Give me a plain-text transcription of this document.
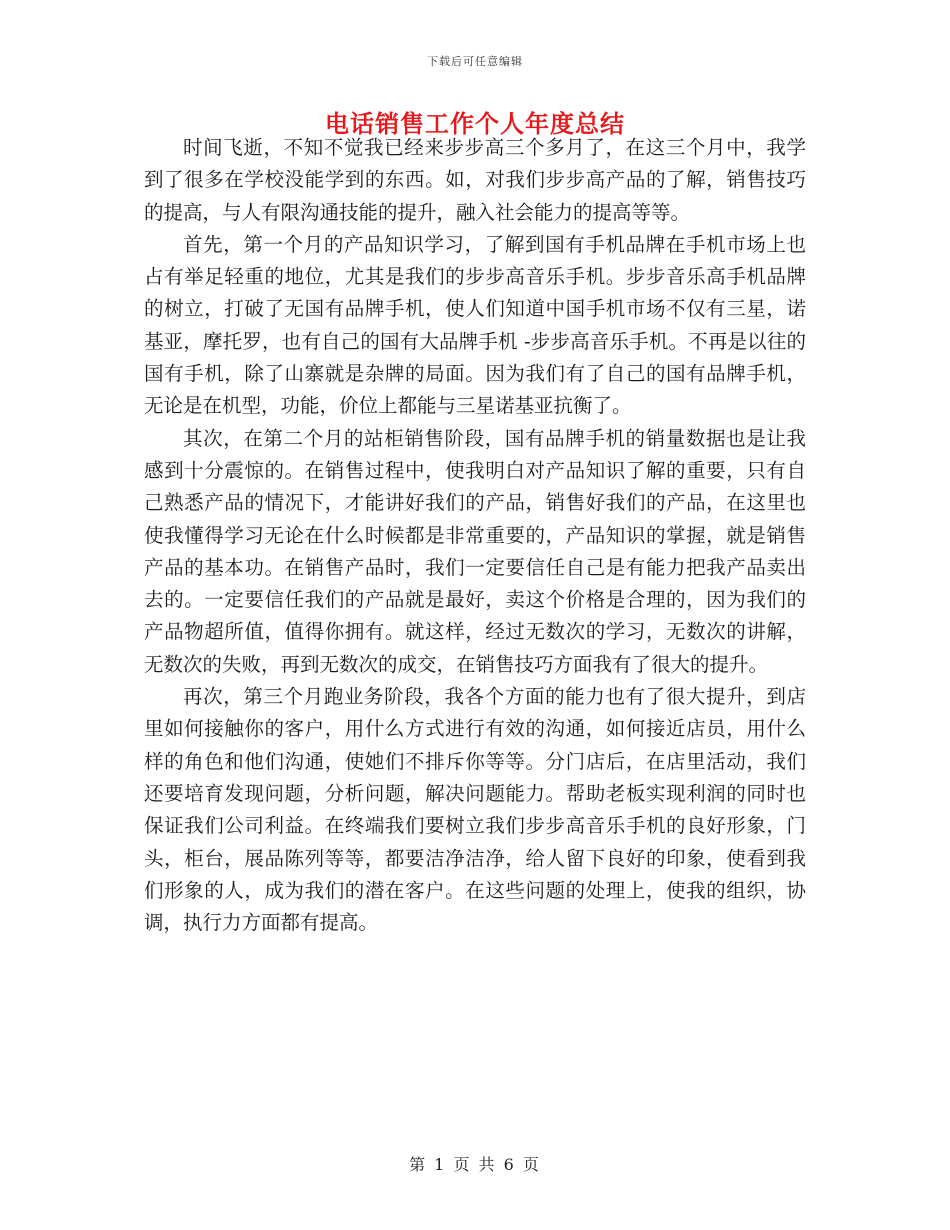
下载后可任意编辑
电话销售工作个人年度总结

时间飞逝，不知不觉我已经来步步高三个多月了，在这三个月中，我学到了很多在学校没能学到的东西。如，对我们步步高产品的了解，销售技巧的提高，与人有限沟通技能的提升，融入社会能力的提高等等。

首先，第一个月的产品知识学习，了解到国有手机品牌在手机市场上也占有举足轻重的地位，尤其是我们的步步高音乐手机。步步音乐高手机品牌的树立，打破了无国有品牌手机，使人们知道中国手机市场不仅有三星，诺基亚，摩托罗，也有自己的国有大品牌手机 -步步高音乐手机。不再是以往的国有手机，除了山寨就是杂牌的局面。因为我们有了自己的国有品牌手机，无论是在机型，功能，价位上都能与三星诺基亚抗衡了。

其次，在第二个月的站柜销售阶段，国有品牌手机的销量数据也是让我感到十分震惊的。在销售过程中，使我明白对产品知识了解的重要，只有自己熟悉产品的情况下，才能讲好我们的产品，销售好我们的产品，在这里也使我懂得学习无论在什么时候都是非常重要的，产品知识的掌握，就是销售产品的基本功。在销售产品时，我们一定要信任自己是有能力把我产品卖出去的。一定要信任我们的产品就是最好，卖这个价格是合理的，因为我们的产品物超所值，值得你拥有。就这样，经过无数次的学习，无数次的讲解，无数次的失败，再到无数次的成交，在销售技巧方面我有了很大的提升。

再次，第三个月跑业务阶段，我各个方面的能力也有了很大提升，到店里如何接触你的客户，用什么方式进行有效的沟通，如何接近店员，用什么样的角色和他们沟通，使她们不排斥你等等。分门店后，在店里活动，我们还要培育发现问题，分析问题，解决问题能力。帮助老板实现利润的同时也保证我们公司利益。在终端我们要树立我们步步高音乐手机的良好形象，门头，柜台，展品陈列等等，都要洁净洁净，给人留下良好的印象，使看到我们形象的人，成为我们的潜在客户。在这些问题的处理上，使我的组织，协调，执行力方面都有提高。

第 1 页 共 6 页
